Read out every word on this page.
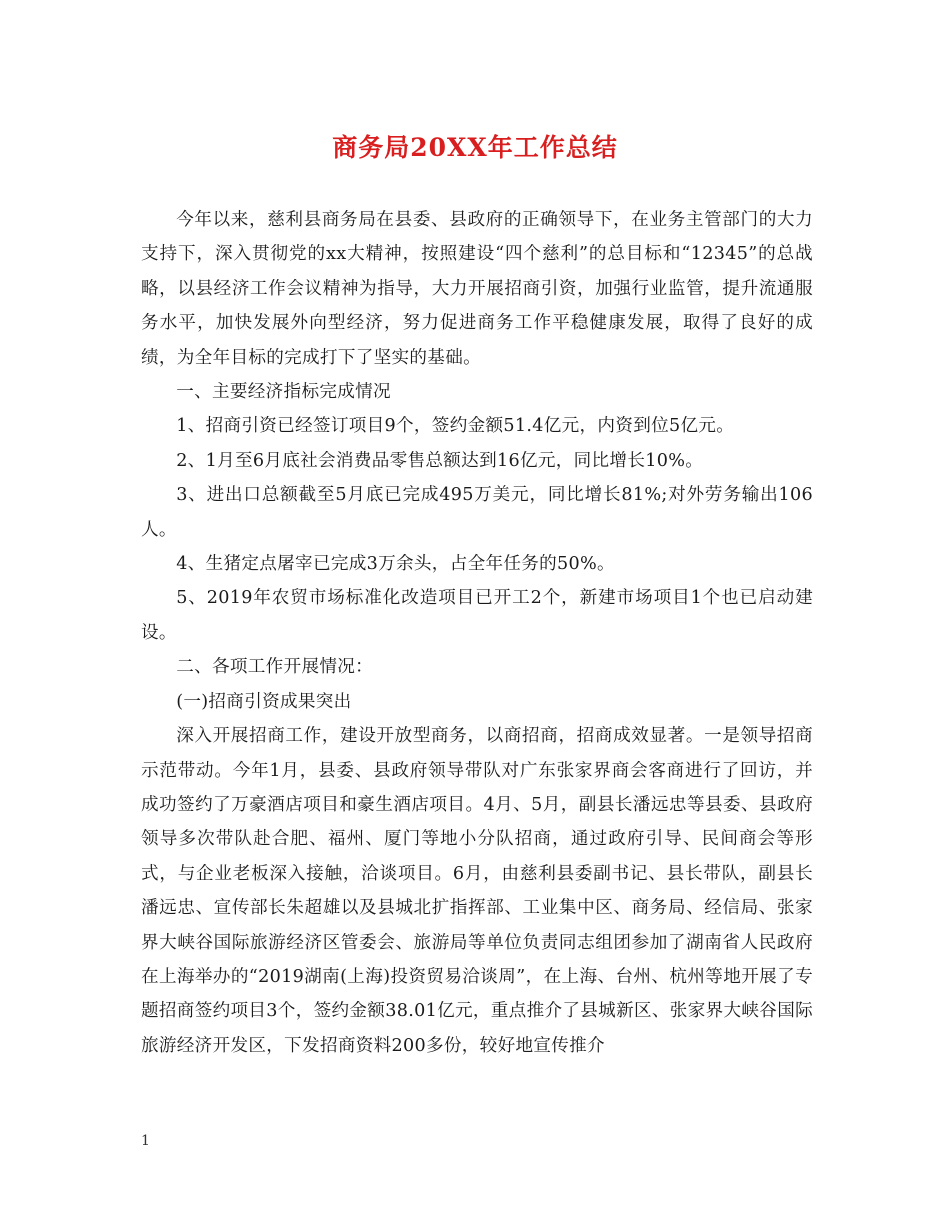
商务局20XX年工作总结

今年以来，慈利县商务局在县委、县政府的正确领导下，在业务主管部门的大力支持下，深入贯彻党的xx大精神，按照建设“四个慈利”的总目标和“12345”的总战略，以县经济工作会议精神为指导，大力开展招商引资，加强行业监管，提升流通服务水平，加快发展外向型经济，努力促进商务工作平稳健康发展，取得了良好的成绩，为全年目标的完成打下了坚实的基础。

一、主要经济指标完成情况

1、招商引资已经签订项目9个，签约金额51.4亿元，内资到位5亿元。

2、1月至6月底社会消费品零售总额达到16亿元，同比增长10%。

3、进出口总额截至5月底已完成495万美元，同比增长81%;对外劳务输出106人。

4、生猪定点屠宰已完成3万余头，占全年任务的50%。

5、2019年农贸市场标准化改造项目已开工2个，新建市场项目1个也已启动建设。

二、各项工作开展情况：

(一)招商引资成果突出

深入开展招商工作，建设开放型商务，以商招商，招商成效显著。一是领导招商示范带动。今年1月，县委、县政府领导带队对广东张家界商会客商进行了回访，并成功签约了万豪酒店项目和豪生酒店项目。4月、5月，副县长潘远忠等县委、县政府领导多次带队赴合肥、福州、厦门等地小分队招商，通过政府引导、民间商会等形式，与企业老板深入接触，洽谈项目。6月，由慈利县委副书记、县长带队，副县长潘远忠、宣传部长朱超雄以及县城北扩指挥部、工业集中区、商务局、经信局、张家界大峡谷国际旅游经济区管委会、旅游局等单位负责同志组团参加了湖南省人民政府在上海举办的“2019湖南(上海)投资贸易洽谈周”，在上海、台州、杭州等地开展了专题招商签约项目3个，签约金额38.01亿元，重点推介了县城新区、张家界大峡谷国际旅游经济开发区，下发招商资料200多份，较好地宣传推介

1
